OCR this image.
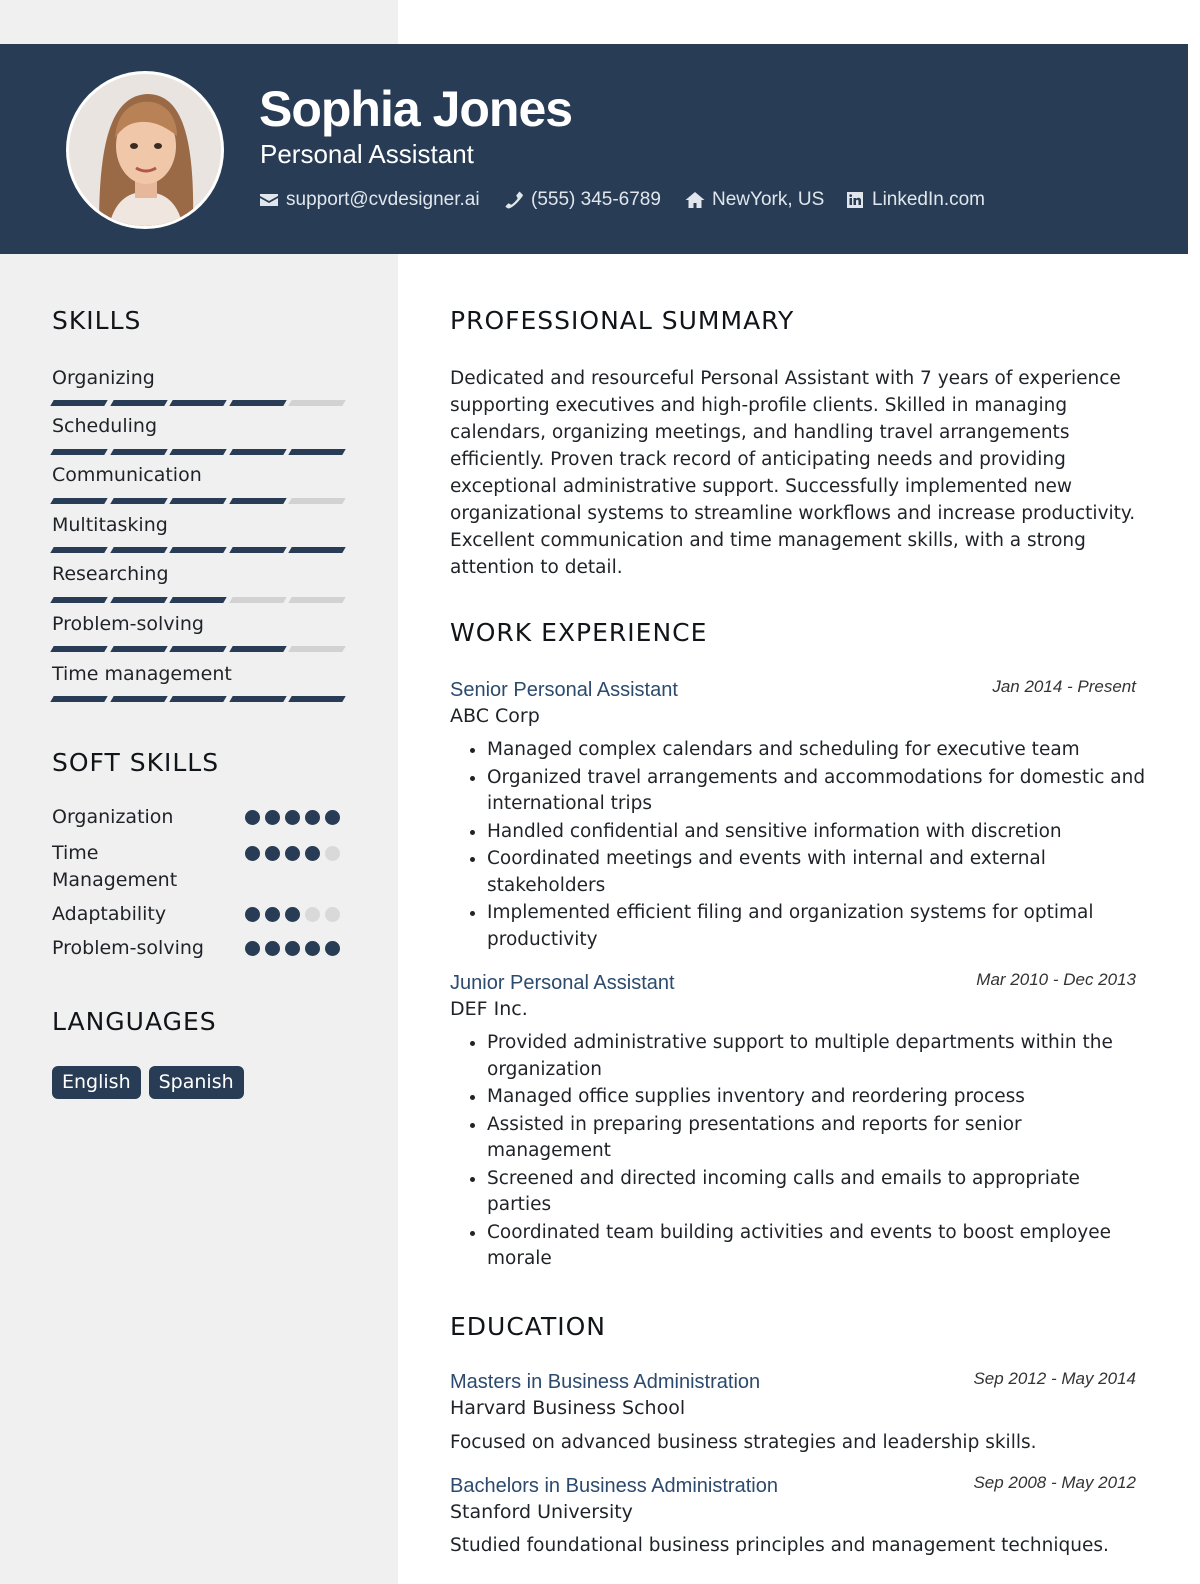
Sophia Jones
Personal Assistant
support@cvdesigner.ai	(555) 345-6789	NewYork, US	LinkedIn.com
SKILLS
Organizing
Scheduling
Communication
Multitasking
Researching
Problem-solving
Time management
SOFT SKILLS
Organization
Time Management
Adaptability
Problem-solving
LANGUAGES
English	Spanish
PROFESSIONAL SUMMARY
Dedicated and resourceful Personal Assistant with 7 years of experience supporting executives and high-profile clients. Skilled in managing calendars, organizing meetings, and handling travel arrangements efficiently. Proven track record of anticipating needs and providing exceptional administrative support. Successfully implemented new organizational systems to streamline workflows and increase productivity. Excellent communication and time management skills, with a strong attention to detail.
WORK EXPERIENCE
Senior Personal Assistant	Jan 2014 - Present
ABC Corp
• Managed complex calendars and scheduling for executive team
• Organized travel arrangements and accommodations for domestic and international trips
• Handled confidential and sensitive information with discretion
• Coordinated meetings and events with internal and external stakeholders
• Implemented efficient filing and organization systems for optimal productivity
Junior Personal Assistant	Mar 2010 - Dec 2013
DEF Inc.
• Provided administrative support to multiple departments within the organization
• Managed office supplies inventory and reordering process
• Assisted in preparing presentations and reports for senior management
• Screened and directed incoming calls and emails to appropriate parties
• Coordinated team building activities and events to boost employee morale
EDUCATION
Masters in Business Administration	Sep 2012 - May 2014
Harvard Business School
Focused on advanced business strategies and leadership skills.
Bachelors in Business Administration	Sep 2008 - May 2012
Stanford University
Studied foundational business principles and management techniques.
